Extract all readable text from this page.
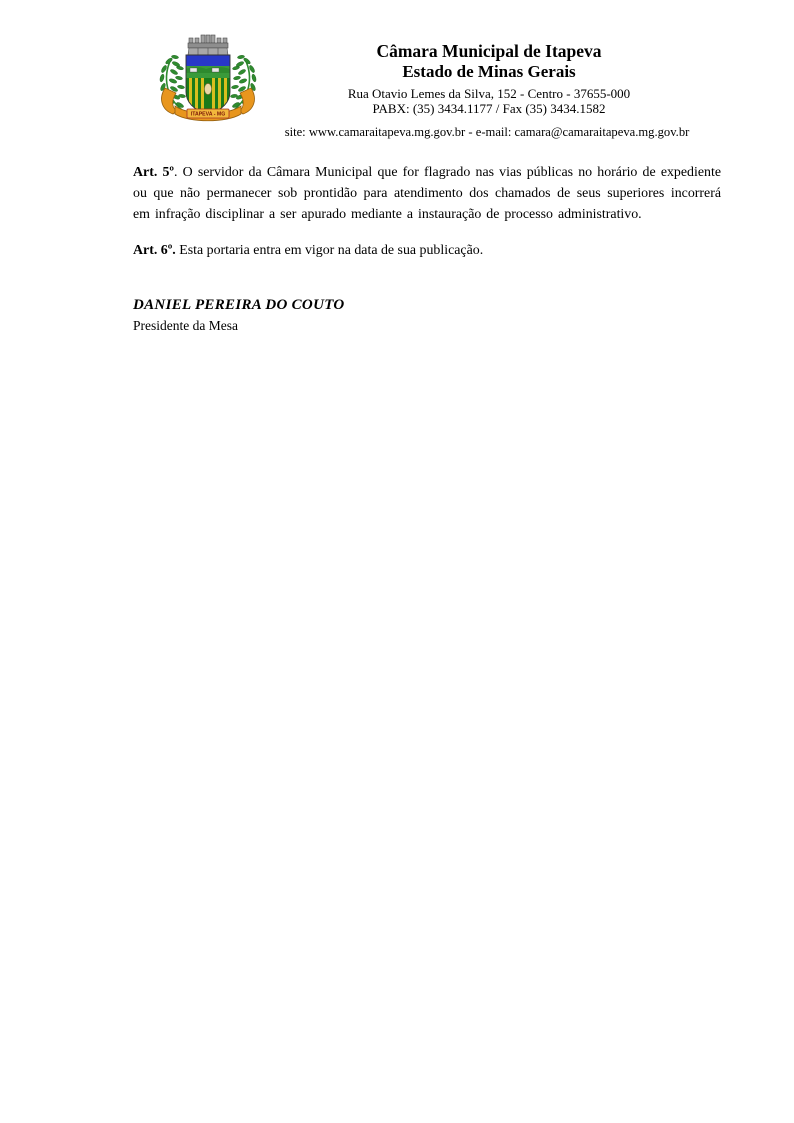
ITAPEVA - MG
Câmara Municipal de Itapeva
Estado de Minas Gerais
Rua Otavio Lemes da Silva, 152 - Centro - 37655-000
PABX: (35) 3434.1177 / Fax (35) 3434.1582
site: www.camaraitapeva.mg.gov.br - e-mail: camara@camaraitapeva.mg.gov.br

Art. 5º. O servidor da Câmara Municipal que for flagrado nas vias públicas no horário de expediente ou que não permanecer sob prontidão para atendimento dos chamados de seus superiores incorrerá em infração disciplinar a ser apurado mediante a instauração de processo administrativo.

Art. 6º. Esta portaria entra em vigor na data de sua publicação.

DANIEL PEREIRA DO COUTO
Presidente da Mesa
